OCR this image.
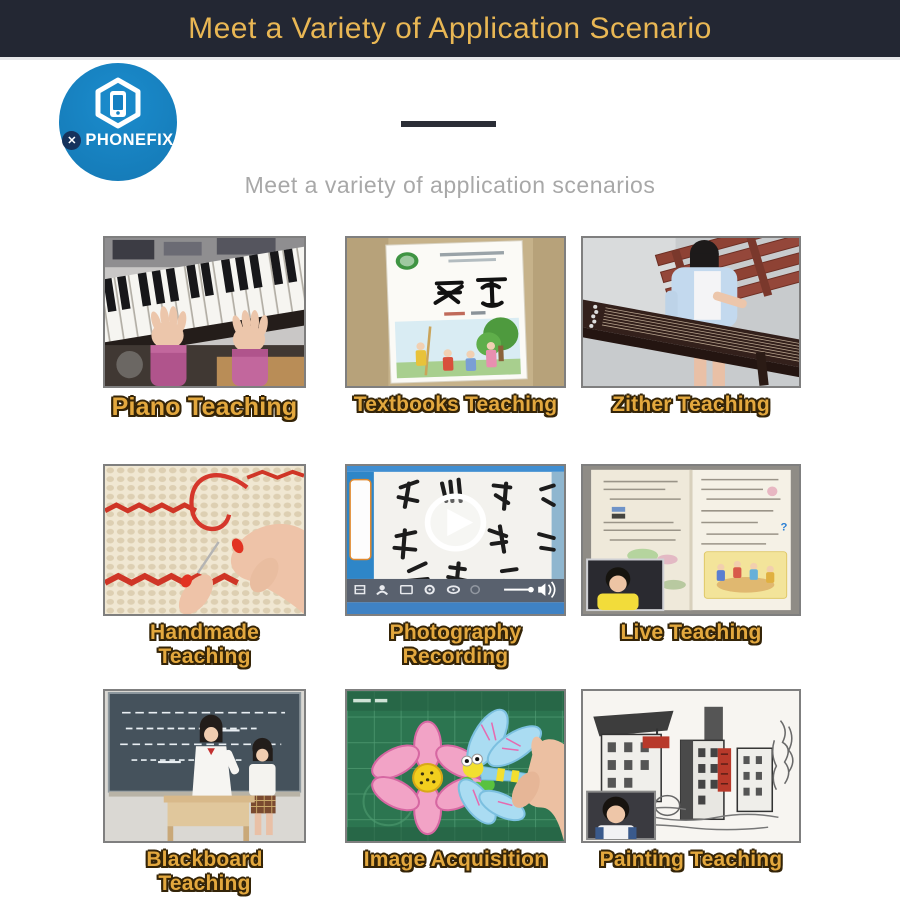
Meet a Variety of Application Scenario
✕ PHONEFIX
Meet a variety of application scenarios
Piano Teaching	Textbooks Teaching	Zither Teaching
Handmade Teaching
Photography Recording
?
Live Teaching
Blackboard Teaching
Image Acquisition	Painting Teaching
